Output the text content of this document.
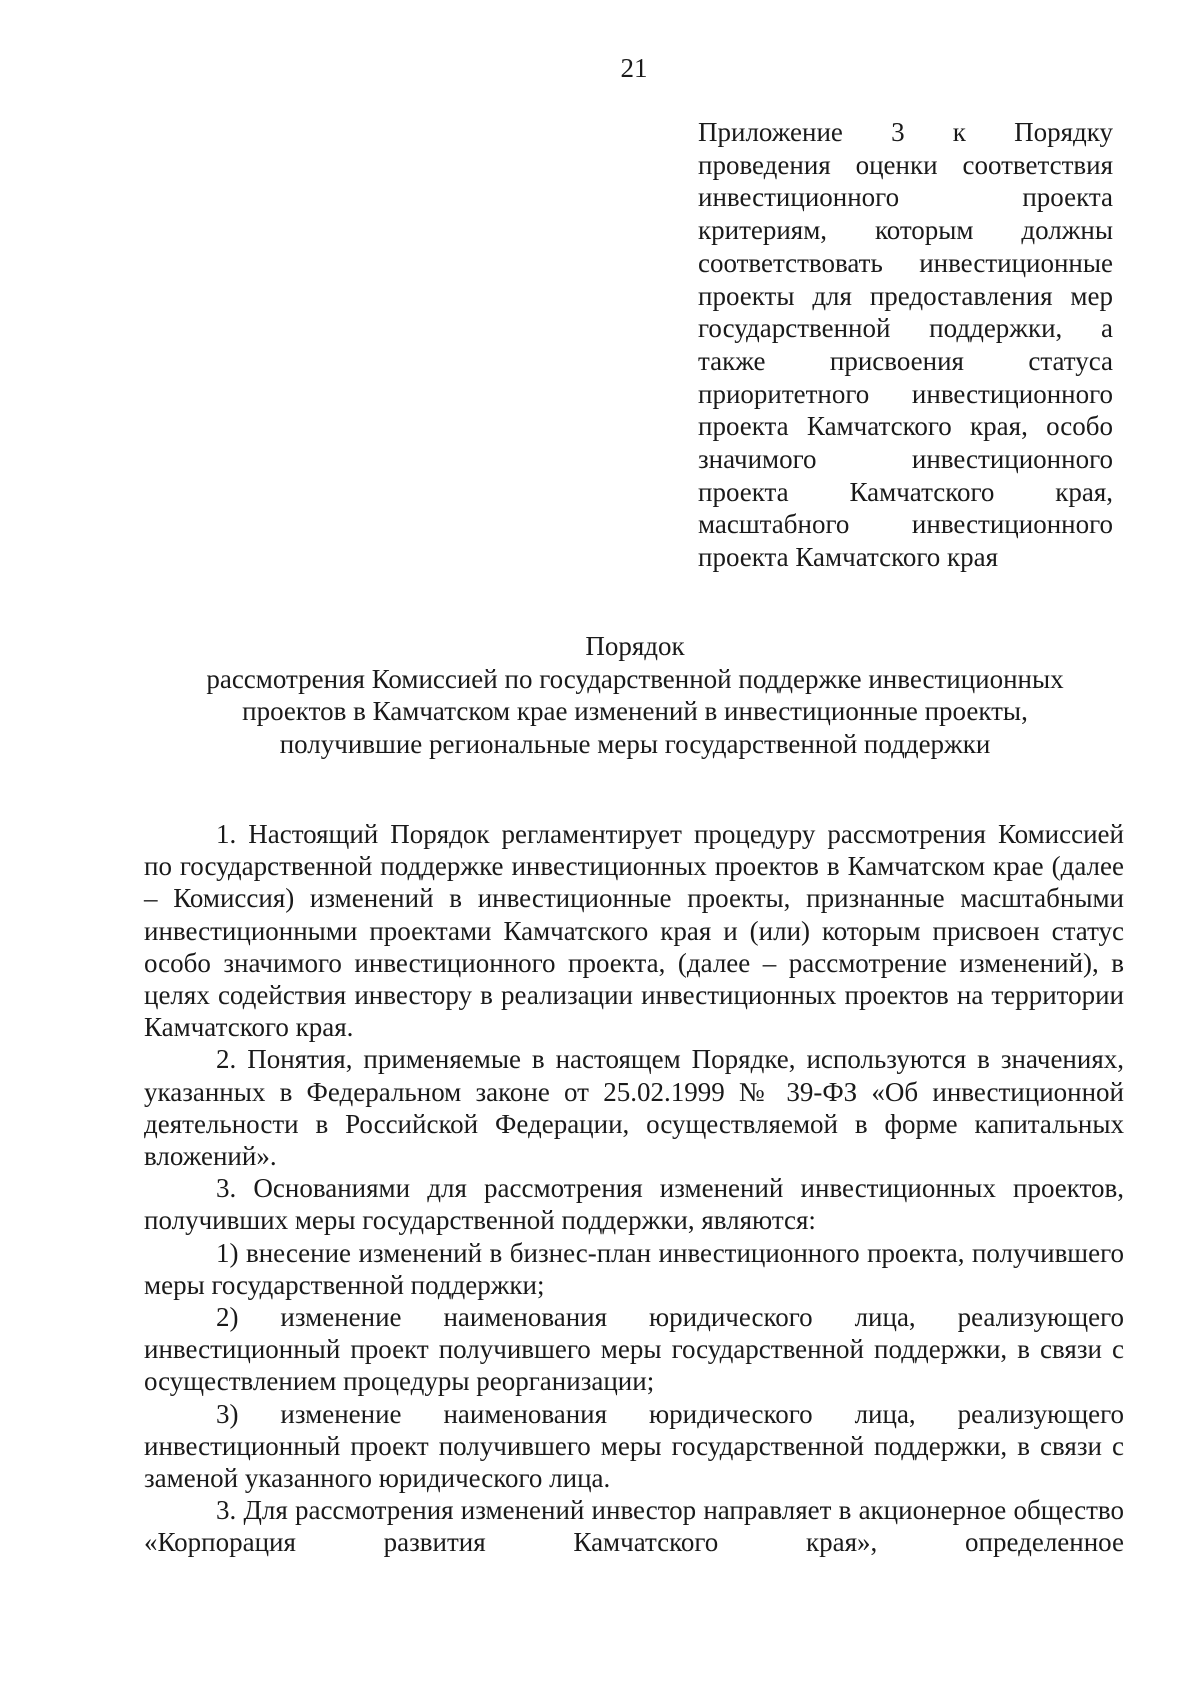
21
Приложение 3 к Порядку проведения оценки соответствия инвестиционного проекта критериям, которым должны соответствовать инвестиционные проекты для предоставления мер государственной поддержки, а также присвоения статуса приоритетного инвестиционного проекта Камчатского края, особо значимого инвестиционного проекта Камчатского края, масштабного инвестиционного проекта Камчатского края
Порядок
рассмотрения Комиссией по государственной поддержке инвестиционных
проектов в Камчатском крае изменений в инвестиционные проекты,
получившие региональные меры государственной поддержки

1. Настоящий Порядок регламентирует процедуру рассмотрения Комиссией по государственной поддержке инвестиционных проектов в Камчатском крае (далее – Комиссия) изменений в инвестиционные проекты, признанные масштабными инвестиционными проектами Камчатского края и (или) которым присвоен статус особо значимого инвестиционного проекта, (далее – рассмотрение изменений), в целях содействия инвестору в реализации инвестиционных проектов на территории Камчатского края.

2. Понятия, применяемые в настоящем Порядке, используются в значениях, указанных в Федеральном законе от 25.02.1999 № 39-ФЗ «Об инвестиционной деятельности в Российской Федерации, осуществляемой в форме капитальных вложений».

3. Основаниями для рассмотрения изменений инвестиционных проектов, получивших меры государственной поддержки, являются:

1) внесение изменений в бизнес-план инвестиционного проекта, получившего меры государственной поддержки;

2) изменение наименования юридического лица, реализующего инвестиционный проект получившего меры государственной поддержки, в связи с осуществлением процедуры реорганизации;

3) изменение наименования юридического лица, реализующего инвестиционный проект получившего меры государственной поддержки, в связи с заменой указанного юридического лица.

3. Для рассмотрения изменений инвестор направляет в акционерное общество «Корпорация развития Камчатского края», определенное
